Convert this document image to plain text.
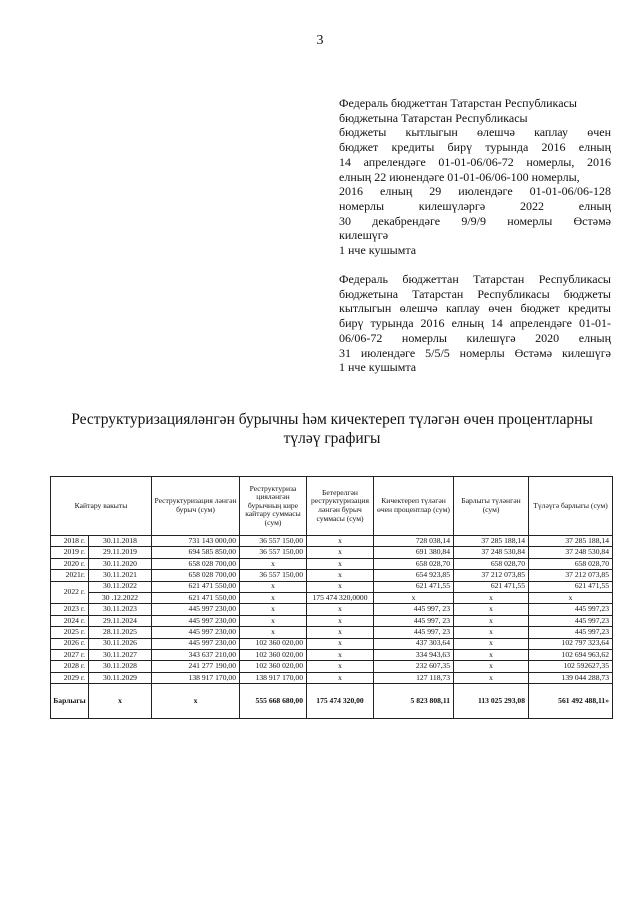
3
Федераль бюджеттан Татарстан Республикасы
бюджетына Татарстан Республикасы
бюджеты кытлыгын өлешчә каплау өчен
бюджет кредиты бирү турында 2016 елның
14 апрелендәге 01-01-06/06-72 номерлы, 2016
елның 22 июнендәге 01-01-06/06-100 номерлы,
2016 елның 29 июлендәге 01-01-06/06-128
номерлы килешүләргә 2022 елның
30 декабрендәге 9/9/9 номерлы Өстәмә
килешүгә
1 нче кушымта
Федераль бюджеттан Татарстан Республикасы
бюджетына Татарстан Республикасы бюджеты
кытлыгын өлешчә каплау өчен бюджет кредиты
бирү турында 2016 елның 14 апрелендәге 01-01-
06/06-72 номерлы килешүгә 2020 елның
31 июлендәге 5/5/5 номерлы Өстәмә килешүгә
1 нче кушымта
Реструктуризацияләнгән бурычны һәм кичектереп түләгән өчен процентларны
түләү графигы
Кайтару вакыты		Реструктуризация ләнгән бурыч (сум)	Реструктуриза цияләнгән бурычның кире кайтару суммасы (сум)	Бетерелгән реструктуризация ләнгән бурыч суммасы (сум)	Кичектереп түләгән өчен процентлар (сум)	Барлыгы түләнгән (сум)	Түләүгә барлыгы (сум)
2018 г.	30.11.2018	731 143 000,00	36 557 150,00	х	728 038,14	37 285 188,14	37 285 188,14
2019 г.	29.11.2019	694 585 850,00	36 557 150,00	х	691 380,84	37 248 530,84	37 248 530,84
2020 г.	30.11.2020	658 028 700,00	х	х	658 028,70	658 028,70	658 028,70
2021г.	30.11.2021	658 028 700,00	36 557 150,00	х	654 923,85	37 212 073,85	37 212 073,85
2022 г.	30.11.2022	621 471 550,00	х	х	621 471,55	621 471,55	621 471,55
	30 .12.2022	621 471 550,00	х	175 474 320,0000	х	х	х
2023 г.	30.11.2023	445 997 230,00	х	х	445 997, 23	х	445 997,23
2024 г.	29.11.2024	445 997 230,00	х	х	445 997, 23	х	445 997,23
2025 г.	28.11.2025	445 997 230,00	х	х	445 997, 23	х	445 997,23
2026 г.	30.11.2026	445 997 230,00	102 360 020,00	х	437 303,64	х	102 797 323,64
2027 г.	30.11.2027	343 637 210,00	102 360 020,00	х	334 943,63	х	102 694 963,62
2028 г.	30.11.2028	241 277 190,00	102 360 020,00	х	232 607,35	х	102 592627,35
2029 г.	30.11.2029	138 917 170,00	138 917 170,00	х	127 118,73	х	139 044 288,73
Барлыгы	х	х	555 668 680,00	175 474 320,00	5 823 808,11	113 025 293,08	561 492 488,11»
